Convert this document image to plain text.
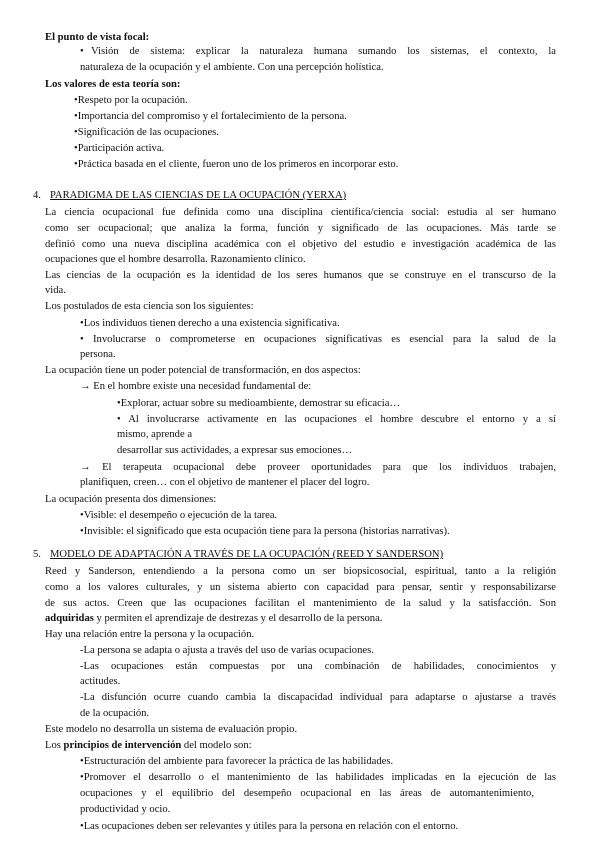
El punto de vista focal:
• Visión de sistema: explicar la naturaleza humana sumando los sistemas, el contexto, la
naturaleza de la ocupación y el ambiente. Con una percepción holística.
Los valores de esta teoría son:
•Respeto por la ocupación.
•Importancia del compromiso y el fortalecimiento de la persona.
•Significación de las ocupaciones.
•Participación activa.
•Práctica basada en el cliente, fueron uno de los primeros en incorporar esto.
4. PARADIGMA DE LAS CIENCIAS DE LA OCUPACIÓN (YERXA)
La ciencia ocupacional fue definida como una disciplina científica/ciencia social: estudia al ser humano
como ser ocupacional; que analiza la forma, función y significado de las ocupaciones. Más tarde se
definió como una nueva disciplina académica con el objetivo del estudio e investigación académica de las
ocupaciones que el hombre desarrolla. Razonamiento clínico.
Las ciencias de la ocupación es la identidad de los seres humanos que se construye en el transcurso de la
vida.
Los postulados de esta ciencia son los siguientes:
•Los individuos tienen derecho a una existencia significativa.
• Involucrarse o comprometerse en ocupaciones significativas es esencial para la salud de la
persona.
La ocupación tiene un poder potencial de transformación, en dos aspectos:
→ En el hombre existe una necesidad fundamental de:
•Explorar, actuar sobre su medioambiente, demostrar su eficacia…
• Al involucrarse activamente en las ocupaciones el hombre descubre el entorno y a sí
mismo, aprende a
desarrollar sus actividades, a expresar sus emociones…
→ El terapeuta ocupacional debe proveer oportunidades para que los individuos trabajen,
planifiquen, creen… con el objetivo de mantener el placer del logro.
La ocupación presenta dos dimensiones:
•Visible: el desempeño o ejecución de la tarea.
•Invisible: el significado que esta ocupación tiene para la persona (historias narrativas).
5. MODELO DE ADAPTACIÓN A TRAVÉS DE LA OCUPACIÓN (REED Y SANDERSON)
Reed y Sanderson, entendiendo a la persona como un ser biopsicosocial, espiritual, tanto a la religión
como a los valores culturales, y un sistema abierto con capacidad para pensar, sentir y responsabilizarse
de sus actos. Creen que las ocupaciones facilitan el mantenimiento de la salud y la satisfacción. Son
adquiridas y permiten el aprendizaje de destrezas y el desarrollo de la persona.
Hay una relación entre la persona y la ocupación.
-La persona se adapta o ajusta a través del uso de varias ocupaciones.
-Las ocupaciones están compuestas por una combinación de habilidades, conocimientos y
actitudes.
-La disfunción ocurre cuando cambia la discapacidad individual para adaptarse o ajustarse a través
de la ocupación.
Este modelo no desarrolla un sistema de evaluación propio.
Los principios de intervención del modelo son:
•Estructuración del ambiente para favorecer la práctica de las habilidades.
•Promover el desarrollo o el mantenimiento de las habilidades implicadas en la ejecución de las
ocupaciones y el equilibrio del desempeño ocupacional en las áreas de automantenimiento,
productividad y ocio.
•Las ocupaciones deben ser relevantes y útiles para la persona en relación con el entorno.
